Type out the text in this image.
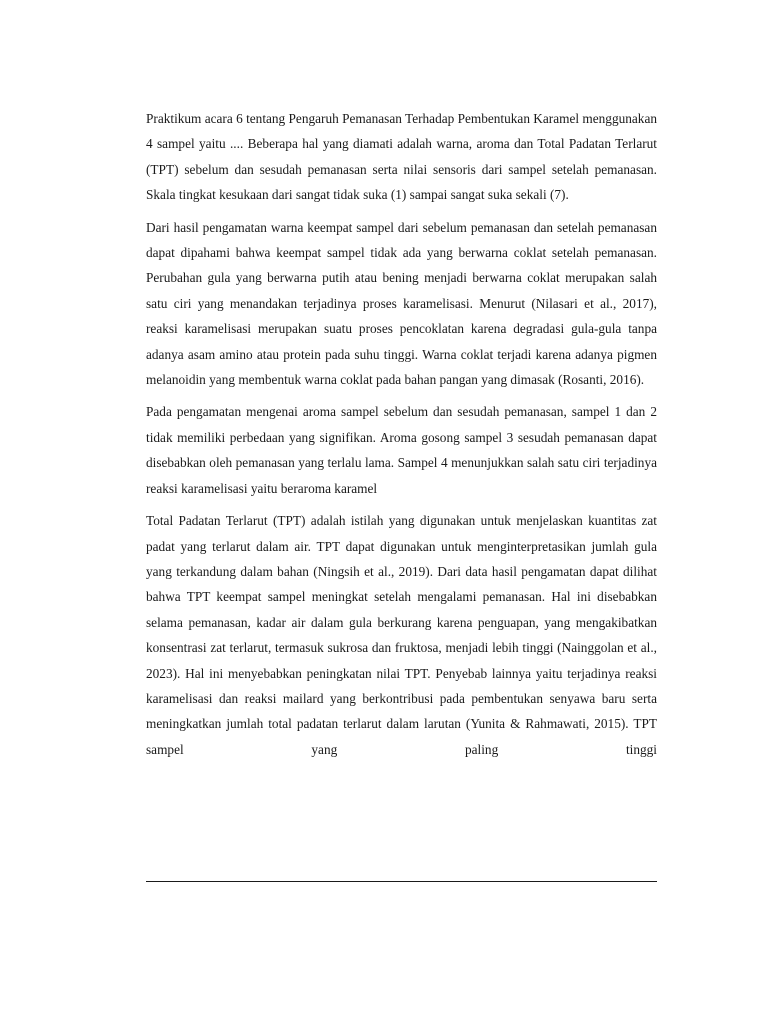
Praktikum acara 6 tentang Pengaruh Pemanasan Terhadap Pembentukan Karamel menggunakan 4 sampel yaitu .... Beberapa hal yang diamati adalah warna, aroma dan Total Padatan Terlarut (TPT) sebelum dan sesudah pemanasan serta nilai sensoris dari sampel setelah pemanasan. Skala tingkat kesukaan dari sangat tidak suka (1) sampai sangat suka sekali (7).

Dari hasil pengamatan warna keempat sampel dari sebelum pemanasan dan setelah pemanasan dapat dipahami bahwa keempat sampel tidak ada yang berwarna coklat setelah pemanasan. Perubahan gula yang berwarna putih atau bening menjadi berwarna coklat merupakan salah satu ciri yang menandakan terjadinya proses karamelisasi. Menurut (Nilasari et al., 2017), reaksi karamelisasi merupakan suatu proses pencoklatan karena degradasi gula-gula tanpa adanya asam amino atau protein pada suhu tinggi. Warna coklat terjadi karena adanya pigmen melanoidin yang membentuk warna coklat pada bahan pangan yang dimasak (Rosanti, 2016).

Pada pengamatan mengenai aroma sampel sebelum dan sesudah pemanasan, sampel 1 dan 2 tidak memiliki perbedaan yang signifikan. Aroma gosong sampel 3 sesudah pemanasan dapat disebabkan oleh pemanasan yang terlalu lama. Sampel 4 menunjukkan salah satu ciri terjadinya reaksi karamelisasi yaitu beraroma karamel

Total Padatan Terlarut (TPT) adalah istilah yang digunakan untuk menjelaskan kuantitas zat padat yang terlarut dalam air. TPT dapat digunakan untuk menginterpretasikan jumlah gula yang terkandung dalam bahan (Ningsih et al., 2019). Dari data hasil pengamatan dapat dilihat bahwa TPT keempat sampel meningkat setelah mengalami pemanasan. Hal ini disebabkan selama pemanasan, kadar air dalam gula berkurang karena penguapan, yang mengakibatkan konsentrasi zat terlarut, termasuk sukrosa dan fruktosa, menjadi lebih tinggi (Nainggolan et al., 2023). Hal ini menyebabkan peningkatan nilai TPT. Penyebab lainnya yaitu terjadinya reaksi karamelisasi dan reaksi mailard yang berkontribusi pada pembentukan senyawa baru serta meningkatkan jumlah total padatan terlarut dalam larutan (Yunita & Rahmawati, 2015). TPT sampel yang paling tinggi
